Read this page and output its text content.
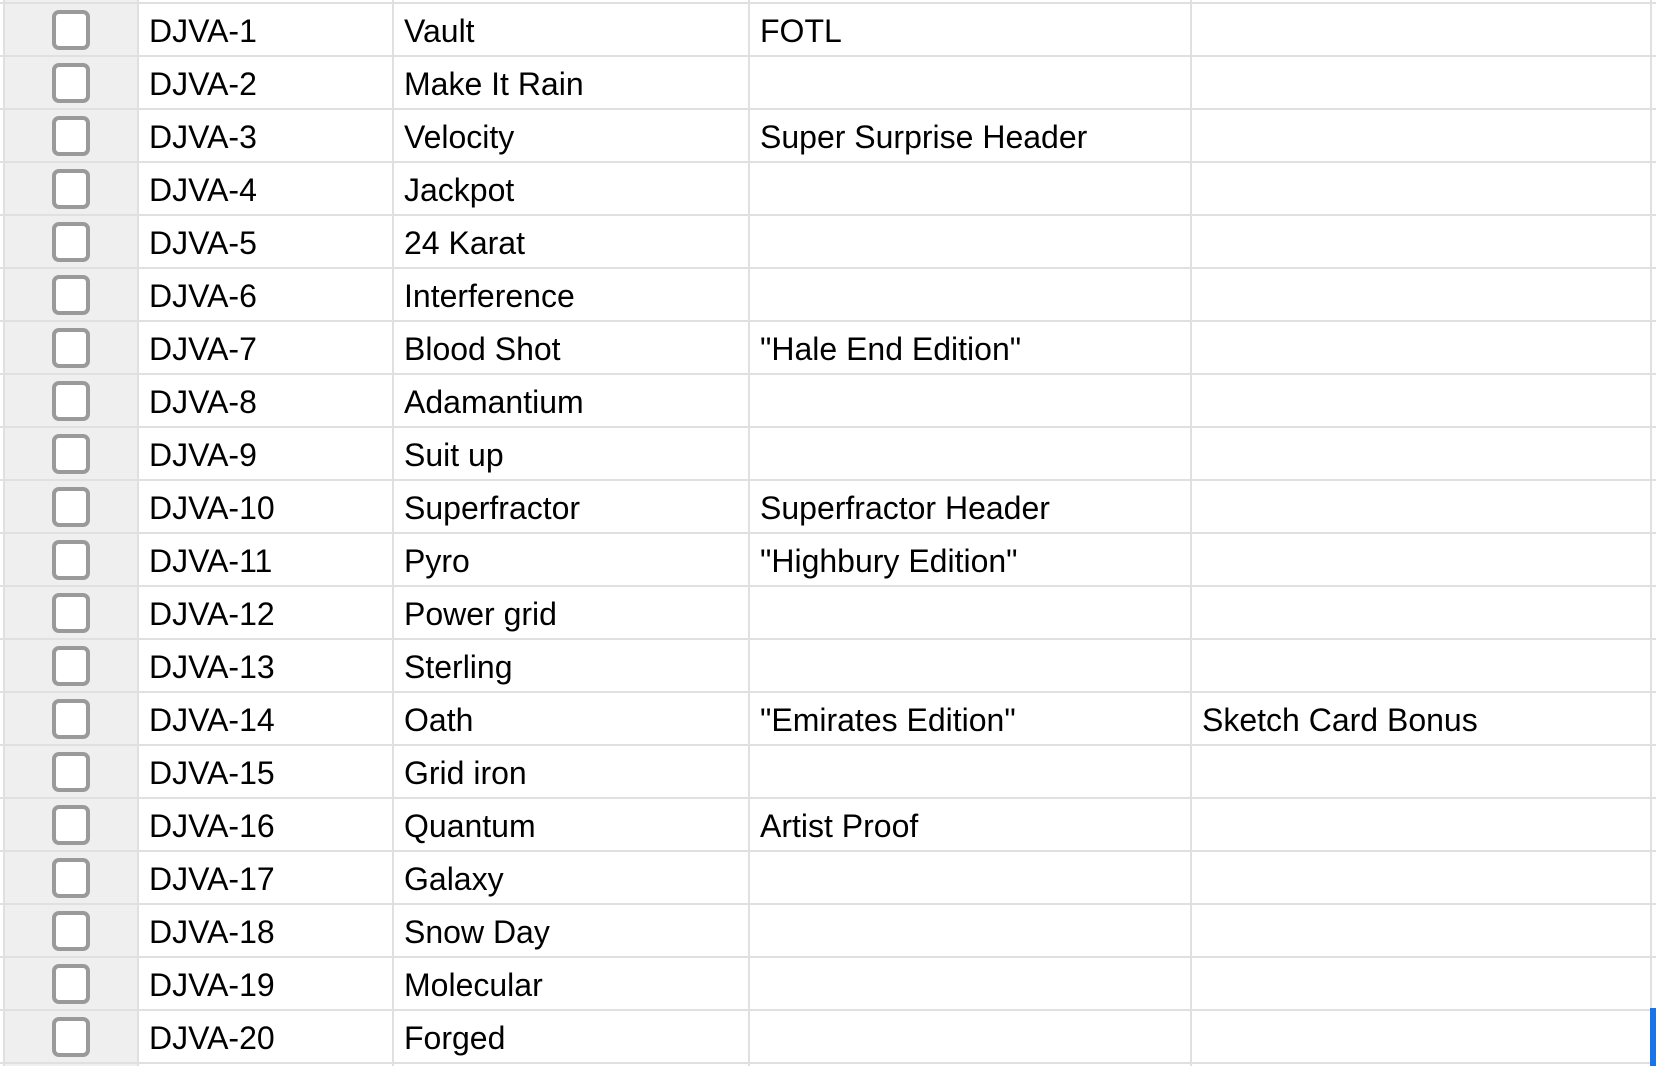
DJVA-1	Vault	FOTL
DJVA-2	Make It Rain
DJVA-3	Velocity	Super Surprise Header
DJVA-4	Jackpot
DJVA-5	24 Karat
DJVA-6	Interference
DJVA-7	Blood Shot	"Hale End Edition"
DJVA-8	Adamantium
DJVA-9	Suit up
DJVA-10	Superfractor	Superfractor Header
DJVA-11	Pyro	"Highbury Edition"
DJVA-12	Power grid
DJVA-13	Sterling
DJVA-14	Oath	"Emirates Edition"	Sketch Card Bonus
DJVA-15	Grid iron
DJVA-16	Quantum	Artist Proof
DJVA-17	Galaxy
DJVA-18	Snow Day
DJVA-19	Molecular
DJVA-20	Forged
